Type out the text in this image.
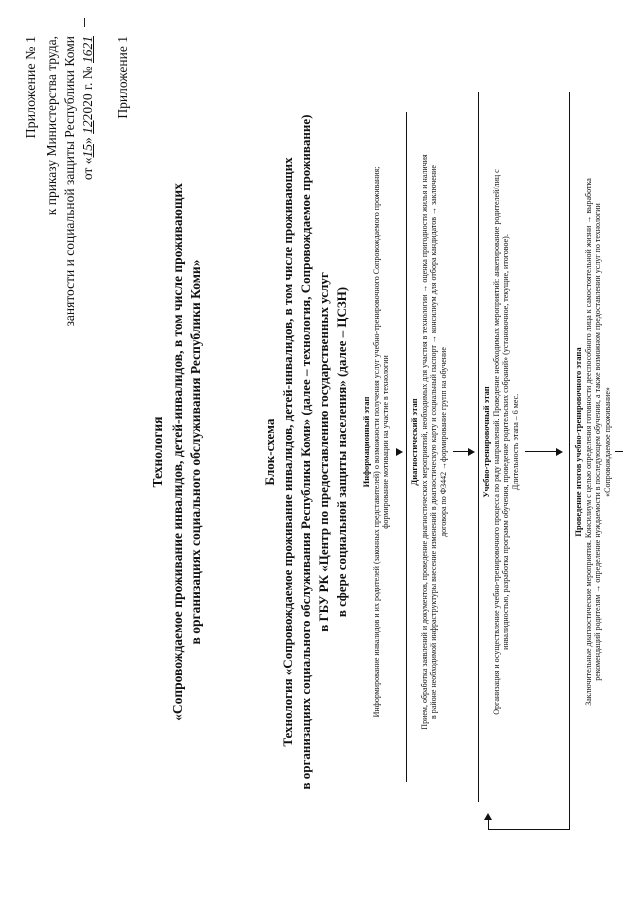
Приложение № 1 к приказу Министерства труда, занятости и социальной защиты Республики Коми от «15» 122020 г. № 1621 Приложение 1
Технология «Сопровождаемое проживание инвалидов, детей-инвалидов, в том числе проживающих в организациях социального обслуживания Республики Коми»	Блок-схема Технология «Сопровождаемое проживание инвалидов, детей-инвалидов, в том числе проживающих в организациях социального обслуживания Республики Коми» (далее – технология, Сопровождаемое проживание) в ГБУ РК «Центр по предоставлению государственных услуг в сфере социальной защиты населения» (далее – ЦСЗН) Информационный этап Информирование инвалидов и их родителей (законных представителей) о возможности получения услуг учебно-тренировочного Сопровождаемого проживания; формирование мотивации на участие в технологии Диагностический этап Прием, обработка заявлений и документов, проведение диагностических мероприятий, необходимых для участия в технологии → оценка пригодности жилья и наличия в районе необходимой инфраструктуры внесение изменений в диагностическую карту и социальный паспорт → консилиум для отбора кандидатов → заключение договора по ФЗ442 →формирование групп на обучение	Учебно-тренировочный этап Организация и осуществление учебно-тренировочного процесса по ряду направлений. Проведение необходимых мероприятий: анкетирование родителей/лиц с инвалидностью, разработка программ обучения, проведение родительских собраний» (установочное, текущие, итоговое). Длительность этапа – 6 мес.	Проведение итогов учебно-тренировочного этапа Заключительные диагностические мероприятия. Консилиум с целью определения готовности дееспособного лица к самостоятельной жизни → выработка рекомендаций родителям → определение нуждаемости в последующем обучении, а также возможном предоставлении услуг по технологии «Сопровождаемое проживание»
